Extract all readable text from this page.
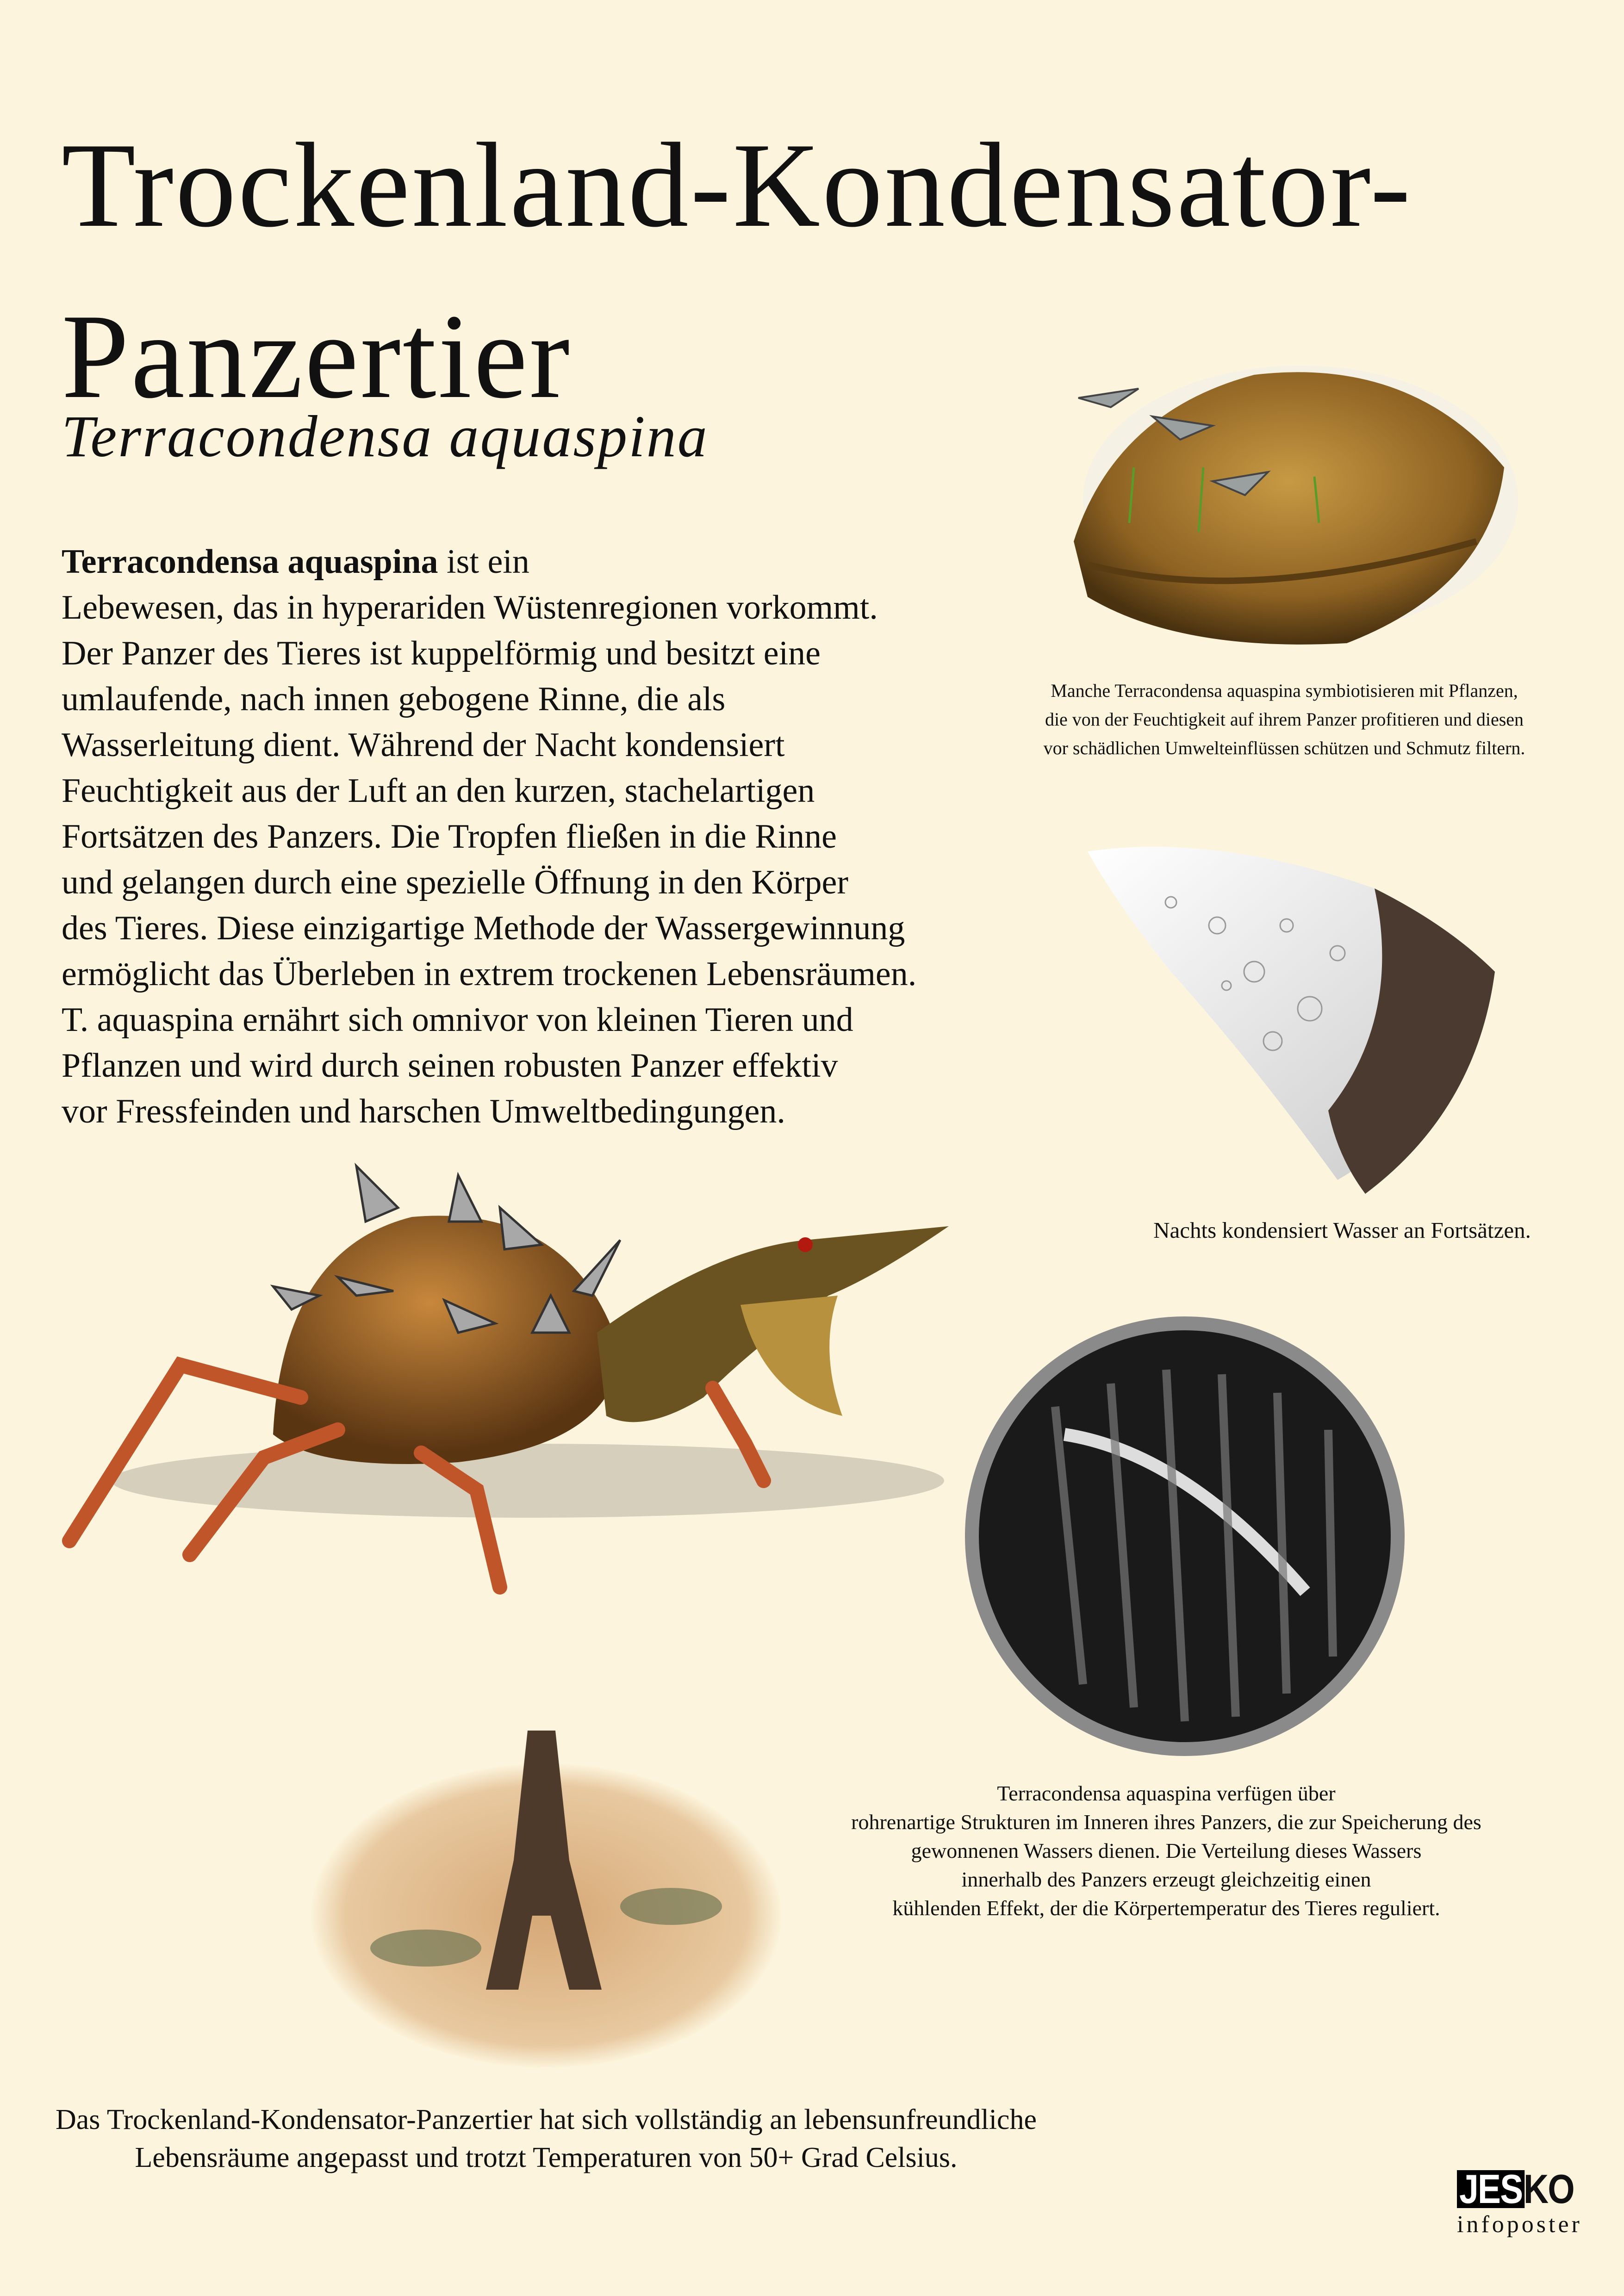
Trockenland-Kondensator-
Panzertier
Terracondensa aquaspina
Terracondensa aquaspina ist ein
Lebewesen, das in hyperariden Wüstenregionen vorkommt.
Der Panzer des Tieres ist kuppelförmig und besitzt eine
umlaufende, nach innen gebogene Rinne, die als
Wasserleitung dient. Während der Nacht kondensiert
Feuchtigkeit aus der Luft an den kurzen, stachelartigen
Fortsätzen des Panzers. Die Tropfen fließen in die Rinne
und gelangen durch eine spezielle Öffnung in den Körper
des Tieres. Diese einzigartige Methode der Wassergewinnung
ermöglicht das Überleben in extrem trockenen Lebensräumen.
T. aquaspina ernährt sich omnivor von kleinen Tieren und
Pflanzen und wird durch seinen robusten Panzer effektiv
vor Fressfeinden und harschen Umweltbedingungen.
Manche Terracondensa aquaspina symbiotisieren mit Pflanzen,
die von der Feuchtigkeit auf ihrem Panzer profitieren und diesen
vor schädlichen Umwelteinflüssen schützen und Schmutz filtern.
Nachts kondensiert Wasser an Fortsätzen.
Terracondensa aquaspina verfügen über
rohrenartige Strukturen im Inneren ihres Panzers, die zur Speicherung des
gewonnenen Wassers dienen. Die Verteilung dieses Wassers
innerhalb des Panzers erzeugt gleichzeitig einen
kühlenden Effekt, der die Körpertemperatur des Tieres reguliert.
Das Trockenland-Kondensator-Panzertier hat sich vollständig an lebensunfreundliche
Lebensräume angepasst und trotzt Temperaturen von 50+ Grad Celsius.
JESKO
infoposter
